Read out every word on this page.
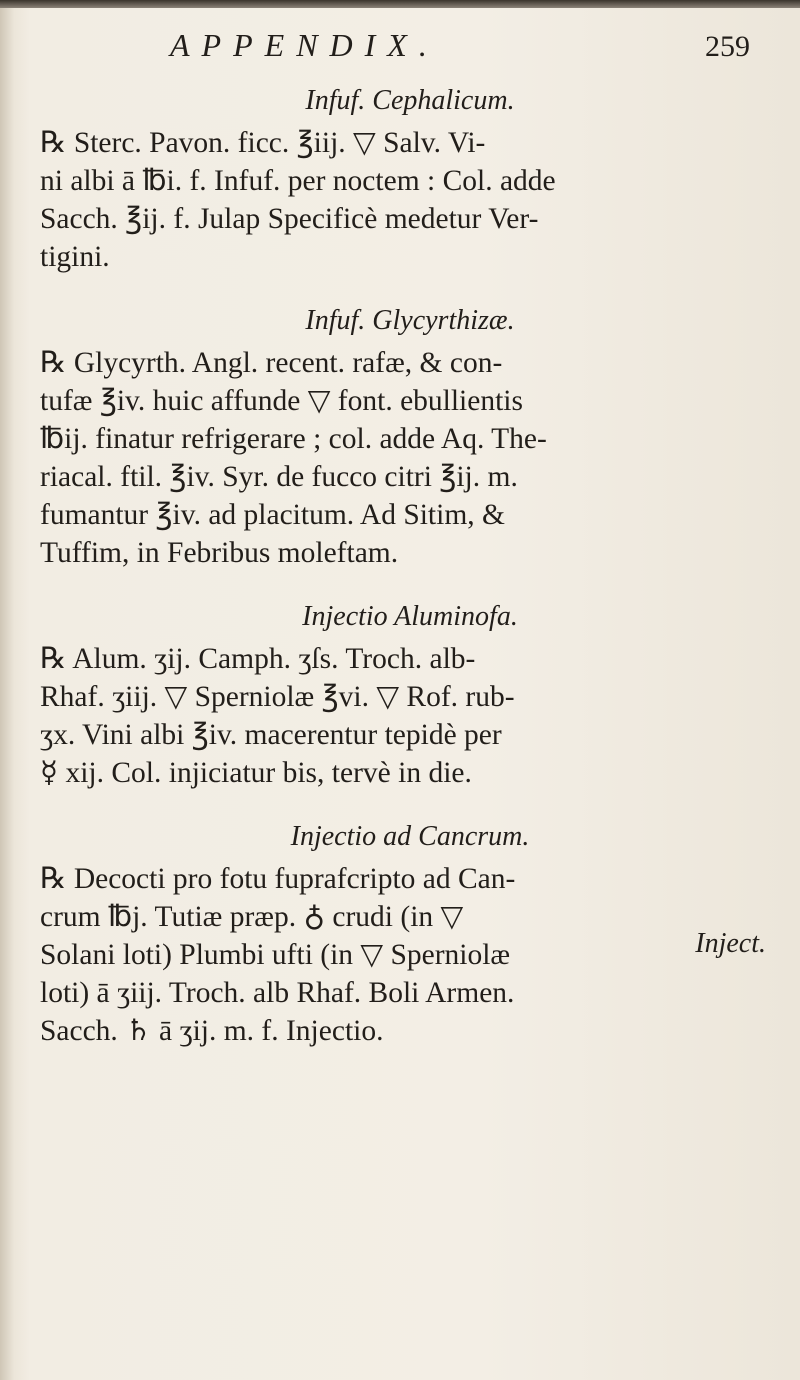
APPENDIX.	259
Infuf. Cephalicum.

℞ Sterc. Pavon. ficc. ℥iij. ▽ Salv. Vi-

ni albi ā ℔i. f. Infuf. per noctem : Col. adde

Sacch. ℥ij. f. Julap Specificè medetur Ver-

tigini.

Infuf. Glycyrthizæ.

℞ Glycyrth. Angl. recent. rafæ, & con-

tufæ ℥iv. huic affunde ▽ font. ebullientis

℔ij. finatur refrigerare ; col. adde Aq. The-

riacal. ftil. ℥iv. Syr. de fucco citri ℥ij. m.

fumantur ℥iv. ad placitum. Ad Sitim, &

Tuffim, in Febribus moleftam.

Injectio Aluminofa.

℞ Alum. ʒij. Camph. ʒſs. Troch. alb-

Rhaf. ʒiij. ▽ Sperniolæ ℥vi. ▽ Rof. rub-

ʒx. Vini albi ℥iv. macerentur tepidè per

☿ xij. Col. injiciatur bis, tervè in die.

Injectio ad Cancrum.

℞ Decocti pro fotu fuprafcripto ad Can-

crum ℔j. Tutiæ præp. ♁ crudi (in ▽

Solani loti) Plumbi ufti (in ▽ Sperniolæ

loti) ā ʒiij. Troch. alb Rhaf. Boli Armen.

Sacch. ♄ ā ʒij. m. f. Injectio.

Inject.
